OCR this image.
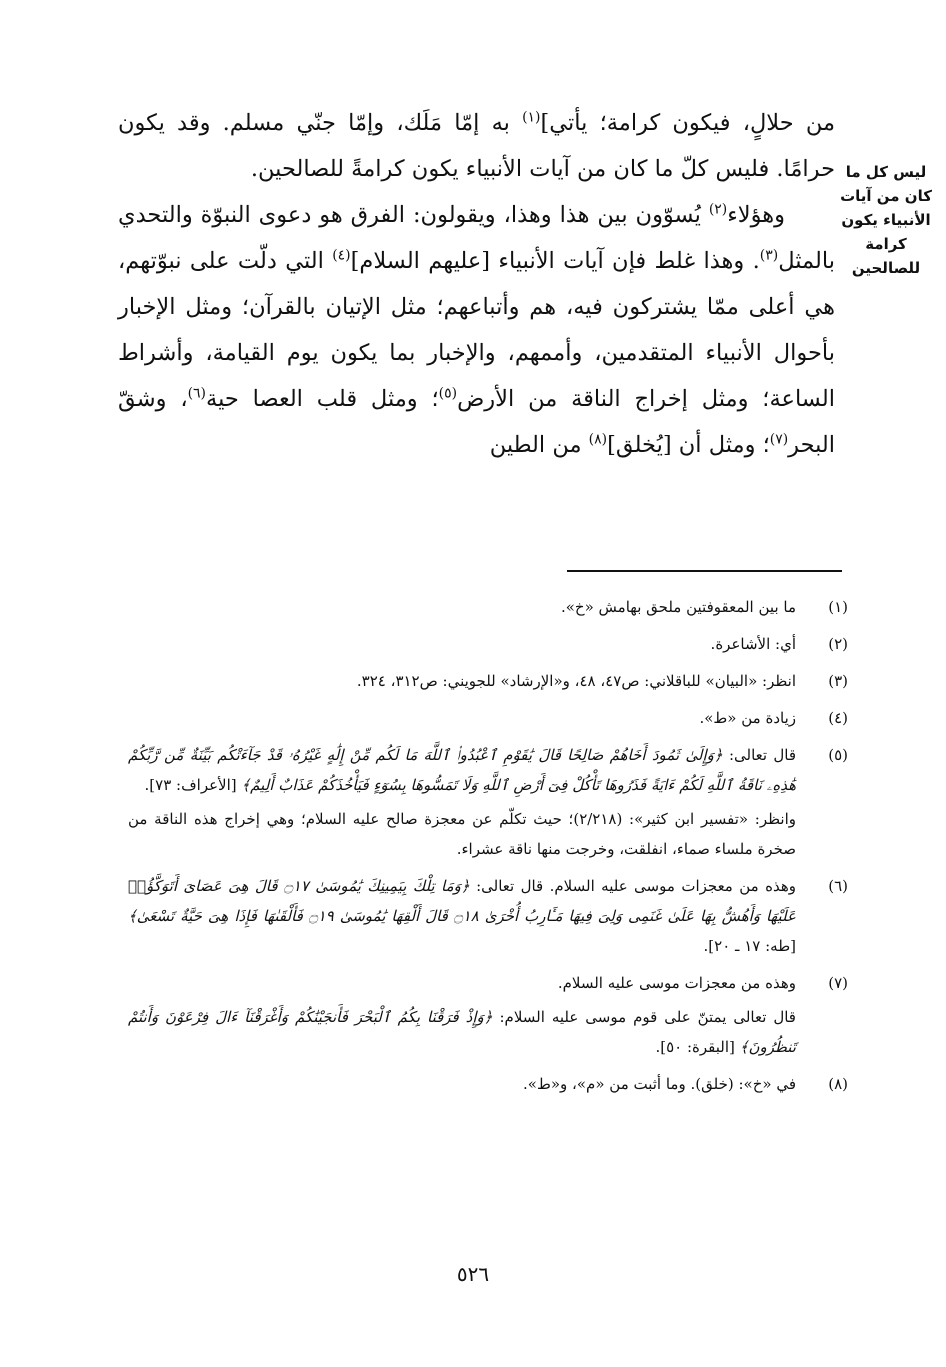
ليس كل ما كان من آيات الأنبياء يكون كرامة للصالحين

من حلالٍ، فيكون كرامة؛ يأتي]$^{(١)}$ به إمّا مَلَك، وإمّا جنّي مسلم. وقد يكون حرامًا. فليس كلّ ما كان من آيات الأنبياء يكون كرامةً للصالحين.

وهؤلاء$^{(٢)}$ يُسوّون بين هذا وهذا، ويقولون: الفرق هو دعوى النبوّة والتحدي بالمثل$^{(٣)}$. وهذا غلط فإن آيات الأنبياء [عليهم السلام]$^{(٤)}$ التي دلّت على نبوّتهم، هي أعلى ممّا يشتركون فيه، هم وأتباعهم؛ مثل الإتيان بالقرآن؛ ومثل الإخبار بأحوال الأنبياء المتقدمين، وأممهم، والإخبار بما يكون يوم القيامة، وأشراط الساعة؛ ومثل إخراج الناقة من الأرض$^{(٥)}$؛ ومثل قلب العصا حية$^{(٦)}$، وشقّ البحر$^{(٧)}$؛ ومثل أن [يُخلق]$^{(٨)}$ من الطين

(١)
ما بين المعقوفتين ملحق بهامش «خ».
(٢)
أي: الأشاعرة.
(٣)
انظر: «البيان» للباقلاني: ص٤٧، ٤٨، و«الإرشاد» للجويني: ص٣١٢، ٣٢٤.
(٤)
زيادة من «ط».
(٥)
قال تعالى: ﴿وَإِلَىٰ ثَمُودَ أَخَاهُمْ صَالِحًا قَالَ يَٰقَوْمِ ٱعْبُدُوا۟ ٱللَّهَ مَا لَكُم مِّنْ إِلَٰهٍ غَيْرُهُۥ قَدْ جَآءَتْكُم بَيِّنَةٌ مِّن رَّبِّكُمْ هَٰذِهِۦ نَاقَةُ ٱللَّهِ لَكُمْ ءَايَةً فَذَرُوهَا تَأْكُلْ فِىٓ أَرْضِ ٱللَّهِ وَلَا تَمَسُّوهَا بِسُوٓءٍ فَيَأْخُذَكُمْ عَذَابٌ أَلِيمٌ﴾ [الأعراف: ٧٣].
وانظر: «تفسير ابن كثير»: (٢/٢١٨)؛ حيث تكلّم عن معجزة صالح عليه السلام؛ وهي إخراج هذه الناقة من صخرة ملساء صماء، انفلقت، وخرجت منها ناقة عشراء.
(٦)
وهذه من معجزات موسى عليه السلام. قال تعالى: ﴿وَمَا تِلْكَ بِيَمِينِكَ يَٰمُوسَىٰ ۝١٧ قَالَ هِىَ عَصَاىَ أَتَوَكَّؤُا۟ عَلَيْهَا وَأَهُشُّ بِهَا عَلَىٰ غَنَمِى وَلِىَ فِيهَا مَـَٔارِبُ أُخْرَىٰ ۝١٨ قَالَ أَلْقِهَا يَٰمُوسَىٰ ۝١٩ فَأَلْقَىٰهَا فَإِذَا هِىَ حَيَّةٌ تَسْعَىٰ﴾ [طه: ١٧ ـ ٢٠].
(٧)
وهذه من معجزات موسى عليه السلام.
قال تعالى يمتنّ على قوم موسى عليه السلام: ﴿وَإِذْ فَرَقْنَا بِكُمُ ٱلْبَحْرَ فَأَنجَيْنَٰكُمْ وَأَغْرَقْنَآ ءَالَ فِرْعَوْنَ وَأَنتُمْ تَنظُرُونَ﴾ [البقرة: ٥٠].
(٨)
في «خ»: (خلق). وما أثبت من «م»، و«ط».
٥٢٦
